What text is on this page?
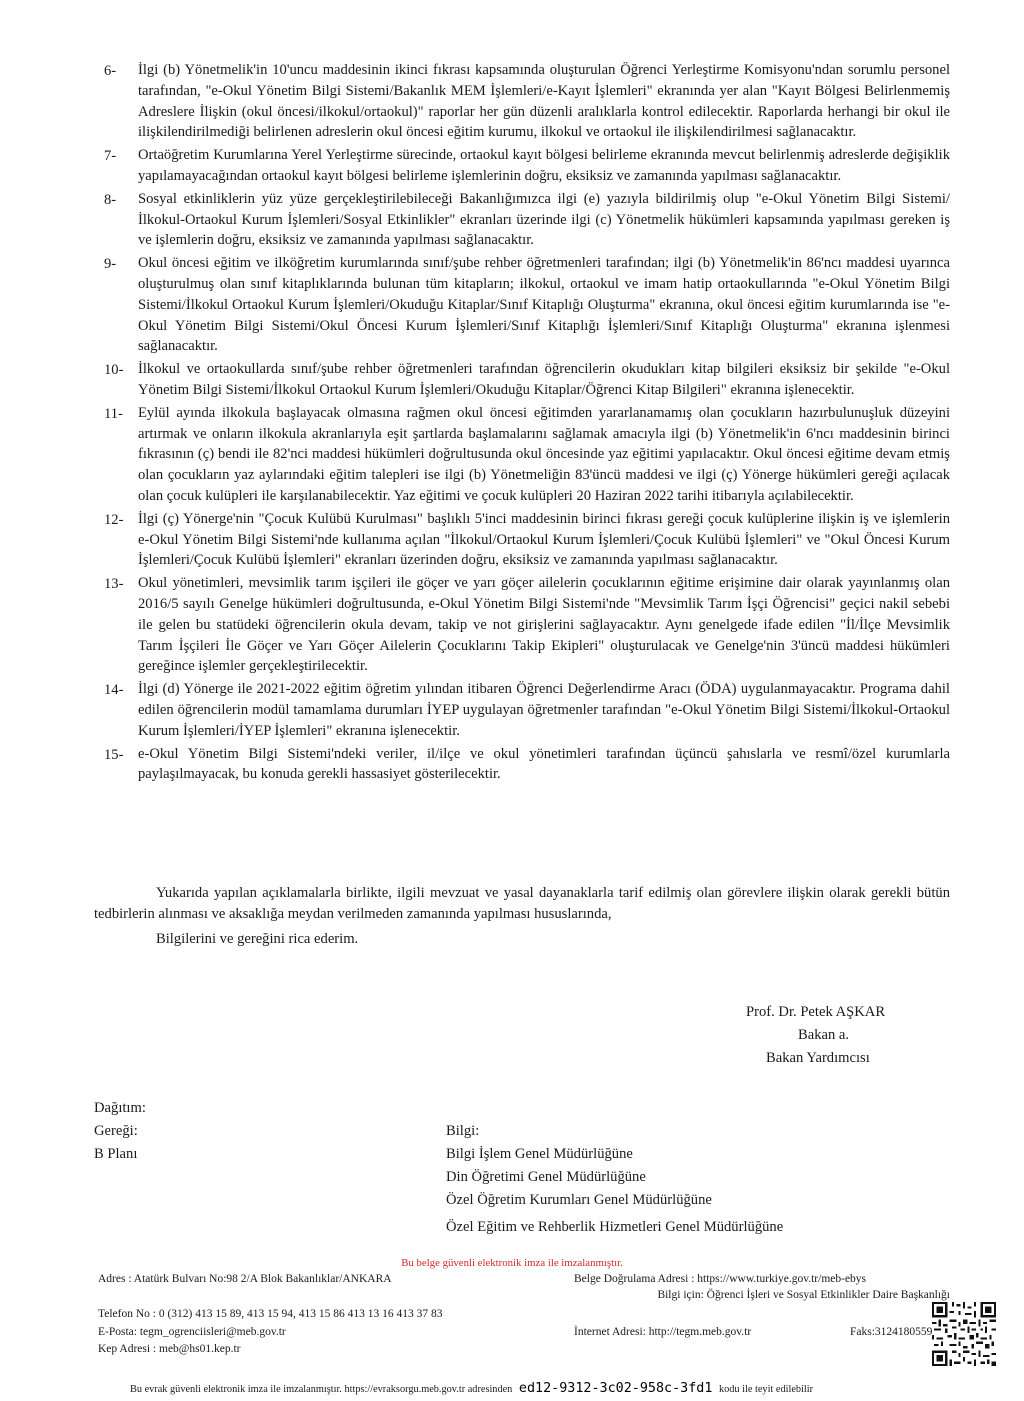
6- İlgi (b) Yönetmelik'in 10'uncu maddesinin ikinci fıkrası kapsamında oluşturulan Öğrenci Yerleştirme Komisyonu'ndan sorumlu personel tarafından, "e-Okul Yönetim Bilgi Sistemi/Bakanlık MEM İşlemleri/e-Kayıt İşlemleri" ekranında yer alan "Kayıt Bölgesi Belirlenmemiş Adreslere İlişkin (okul öncesi/ilkokul/ortaokul)" raporlar her gün düzenli aralıklarla kontrol edilecektir. Raporlarda herhangi bir okul ile ilişkilendirilmediği belirlenen adreslerin okul öncesi eğitim kurumu, ilkokul ve ortaokul ile ilişkilendirilmesi sağlanacaktır.
7- Ortaöğretim Kurumlarına Yerel Yerleştirme sürecinde, ortaokul kayıt bölgesi belirleme ekranında mevcut belirlenmiş adreslerde değişiklik yapılamayacağından ortaokul kayıt bölgesi belirleme işlemlerinin doğru, eksiksiz ve zamanında yapılması sağlanacaktır.
8- Sosyal etkinliklerin yüz yüze gerçekleştirilebileceği Bakanlığımızca ilgi (e) yazıyla bildirilmiş olup "e-Okul Yönetim Bilgi Sistemi/İlkokul-Ortaokul Kurum İşlemleri/Sosyal Etkinlikler" ekranları üzerinde ilgi (c) Yönetmelik hükümleri kapsamında yapılması gereken iş ve işlemlerin doğru, eksiksiz ve zamanında yapılması sağlanacaktır.
9- Okul öncesi eğitim ve ilköğretim kurumlarında sınıf/şube rehber öğretmenleri tarafından; ilgi (b) Yönetmelik'in 86'ncı maddesi uyarınca oluşturulmuş olan sınıf kitaplıklarında bulunan tüm kitapların; ilkokul, ortaokul ve imam hatip ortaokullarında "e-Okul Yönetim Bilgi Sistemi/İlkokul Ortaokul Kurum İşlemleri/Okuduğu Kitaplar/Sınıf Kitaplığı Oluşturma" ekranına, okul öncesi eğitim kurumlarında ise "e-Okul Yönetim Bilgi Sistemi/Okul Öncesi Kurum İşlemleri/Sınıf Kitaplığı İşlemleri/Sınıf Kitaplığı Oluşturma" ekranına işlenmesi sağlanacaktır.
10- İlkokul ve ortaokullarda sınıf/şube rehber öğretmenleri tarafından öğrencilerin okudukları kitap bilgileri eksiksiz bir şekilde "e-Okul Yönetim Bilgi Sistemi/İlkokul Ortaokul Kurum İşlemleri/Okuduğu Kitaplar/Öğrenci Kitap Bilgileri" ekranına işlenecektir.
11- Eylül ayında ilkokula başlayacak olmasına rağmen okul öncesi eğitimden yararlanamamış olan çocukların hazırbulunuşluk düzeyini artırmak ve onların ilkokula akranlarıyla eşit şartlarda başlamalarını sağlamak amacıyla ilgi (b) Yönetmelik'in 6'ncı maddesinin birinci fıkrasının (ç) bendi ile 82'nci maddesi hükümleri doğrultusunda okul öncesinde yaz eğitimi yapılacaktır. Okul öncesi eğitime devam etmiş olan çocukların yaz aylarındaki eğitim talepleri ise ilgi (b) Yönetmeliğin 83'üncü maddesi ve ilgi (ç) Yönerge hükümleri gereği açılacak olan çocuk kulüpleri ile karşılanabilecektir. Yaz eğitimi ve çocuk kulüpleri 20 Haziran 2022 tarihi itibarıyla açılabilecektir.
12- İlgi (ç) Yönerge'nin "Çocuk Kulübü Kurulması" başlıklı 5'inci maddesinin birinci fıkrası gereği çocuk kulüplerine ilişkin iş ve işlemlerin e-Okul Yönetim Bilgi Sistemi'nde kullanıma açılan "İlkokul/Ortaokul Kurum İşlemleri/Çocuk Kulübü İşlemleri" ve "Okul Öncesi Kurum İşlemleri/Çocuk Kulübü İşlemleri" ekranları üzerinden doğru, eksiksiz ve zamanında yapılması sağlanacaktır.
13- Okul yönetimleri, mevsimlik tarım işçileri ile göçer ve yarı göçer ailelerin çocuklarının eğitime erişimine dair olarak yayınlanmış olan 2016/5 sayılı Genelge hükümleri doğrultusunda, e-Okul Yönetim Bilgi Sistemi'nde "Mevsimlik Tarım İşçi Öğrencisi" geçici nakil sebebi ile gelen bu statüdeki öğrencilerin okula devam, takip ve not girişlerini sağlayacaktır. Aynı genelgede ifade edilen "İl/İlçe Mevsimlik Tarım İşçileri İle Göçer ve Yarı Göçer Ailelerin Çocuklarını Takip Ekipleri" oluşturulacak ve Genelge'nin 3'üncü maddesi hükümleri gereğince işlemler gerçekleştirilecektir.
14- İlgi (d) Yönerge ile 2021-2022 eğitim öğretim yılından itibaren Öğrenci Değerlendirme Aracı (ÖDA) uygulanmayacaktır. Programa dahil edilen öğrencilerin modül tamamlama durumları İYEP uygulayan öğretmenler tarafından "e-Okul Yönetim Bilgi Sistemi/İlkokul-Ortaokul Kurum İşlemleri/İYEP İşlemleri" ekranına işlenecektir.
15- e-Okul Yönetim Bilgi Sistemi'ndeki veriler, il/ilçe ve okul yönetimleri tarafından üçüncü şahıslarla ve resmî/özel kurumlarla paylaşılmayacak, bu konuda gerekli hassasiyet gösterilecektir.

Yukarıda yapılan açıklamalarla birlikte, ilgili mevzuat ve yasal dayanaklarla tarif edilmiş olan görevlere ilişkin olarak gerekli bütün tedbirlerin alınması ve aksaklığa meydan verilmeden zamanında yapılması hususlarında,

Bilgilerini ve gereğini rica ederim.

Prof. Dr. Petek AŞKAR
Bakan a.
Bakan Yardımcısı
Dağıtım:
Gereği:
B Planı
Bilgi:
Bilgi İşlem Genel Müdürlüğüne
Din Öğretimi Genel Müdürlüğüne
Özel Öğretim Kurumları Genel Müdürlüğüne
Özel Eğitim ve Rehberlik Hizmetleri Genel Müdürlüğüne
Bu belge güvenli elektronik imza ile imzalanmıştır.
Adres : Atatürk Bulvarı No:98 2/A Blok Bakanlıklar/ANKARA	Belge Doğrulama Adresi : https://www.turkiye.gov.tr/meb-ebys
Bilgi için: Öğrenci İşleri ve Sosyal Etkinlikler Daire Başkanlığı
Telefon No : 0 (312) 413 15 89, 413 15 94, 413 15 86 413 13 16 413 37 83
E-Posta: tegm_ogrenciisleri@meb.gov.tr	İnternet Adresi: http://tegm.meb.gov.tr	Faks:3124180559
Kep Adresi : meb@hs01.kep.tr
Bu evrak güvenli elektronik imza ile imzalanmıştır. https://evraksorgu.meb.gov.tr adresinden ed12-9312-3c02-958c-3fd1 kodu ile teyit edilebilir
